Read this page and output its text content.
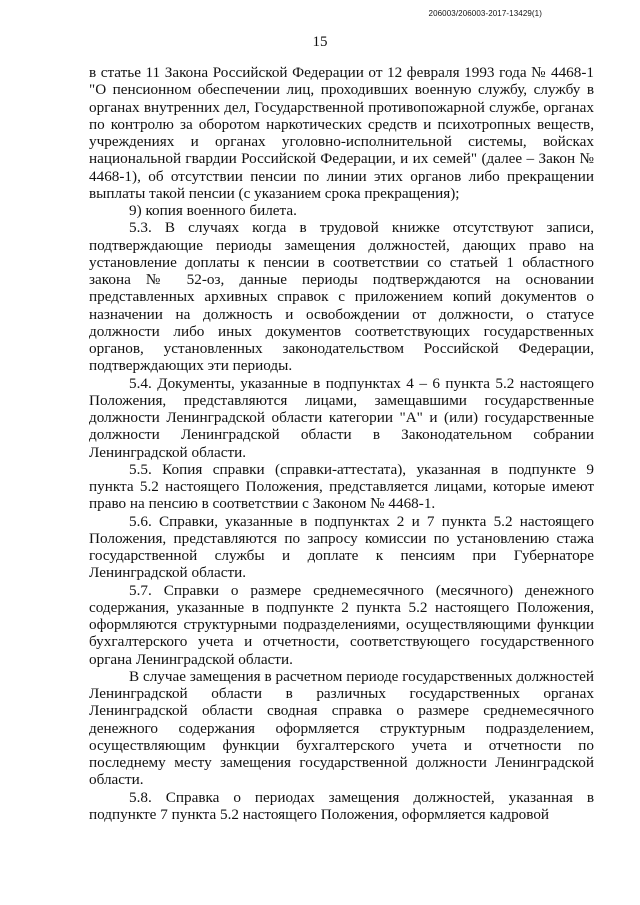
206003/206003-2017-13429(1)
15

в статье 11 Закона Российской Федерации от 12 февраля 1993 года № 4468-1 "О пенсионном обеспечении лиц, проходивших военную службу, службу в органах внутренних дел, Государственной противопожарной службе, органах по контролю за оборотом наркотических средств и психотропных веществ, учреждениях и органах уголовно-исполнительной системы, войсках национальной гвардии Российской Федерации, и их семей" (далее – Закон № 4468-1), об отсутствии пенсии по линии этих органов либо прекращении выплаты такой пенсии (с указанием срока прекращения);

9) копия военного билета.

5.3. В случаях когда в трудовой книжке отсутствуют записи, подтверждающие периоды замещения должностей, дающих право на установление доплаты к пенсии в соответствии со статьей 1 областного закона № 52-оз, данные периоды подтверждаются на основании представленных архивных справок с приложением копий документов о назначении на должность и освобождении от должности, о статусе должности либо иных документов соответствующих государственных органов, установленных законодательством Российской Федерации, подтверждающих эти периоды.

5.4. Документы, указанные в подпунктах 4 – 6 пункта 5.2 настоящего Положения, представляются лицами, замещавшими государственные должности Ленинградской области категории "А" и (или) государственные должности Ленинградской области в Законодательном собрании Ленинградской области.

5.5. Копия справки (справки-аттестата), указанная в подпункте 9 пункта 5.2 настоящего Положения, представляется лицами, которые имеют право на пенсию в соответствии с Законом № 4468-1.

5.6. Справки, указанные в подпунктах 2 и 7 пункта 5.2 настоящего Положения, представляются по запросу комиссии по установлению стажа государственной службы и доплате к пенсиям при Губернаторе Ленинградской области.

5.7. Справки о размере среднемесячного (месячного) денежного содержания, указанные в подпункте 2 пункта 5.2 настоящего Положения, оформляются структурными подразделениями, осуществляющими функции бухгалтерского учета и отчетности, соответствующего государственного органа Ленинградской области.

В случае замещения в расчетном периоде государственных должностей Ленинградской области в различных государственных органах Ленинградской области сводная справка о размере среднемесячного денежного содержания оформляется структурным подразделением, осуществляющим функции бухгалтерского учета и отчетности по последнему месту замещения государственной должности Ленинградской области.

5.8. Справка о периодах замещения должностей, указанная в подпункте 7 пункта 5.2 настоящего Положения, оформляется кадровой
